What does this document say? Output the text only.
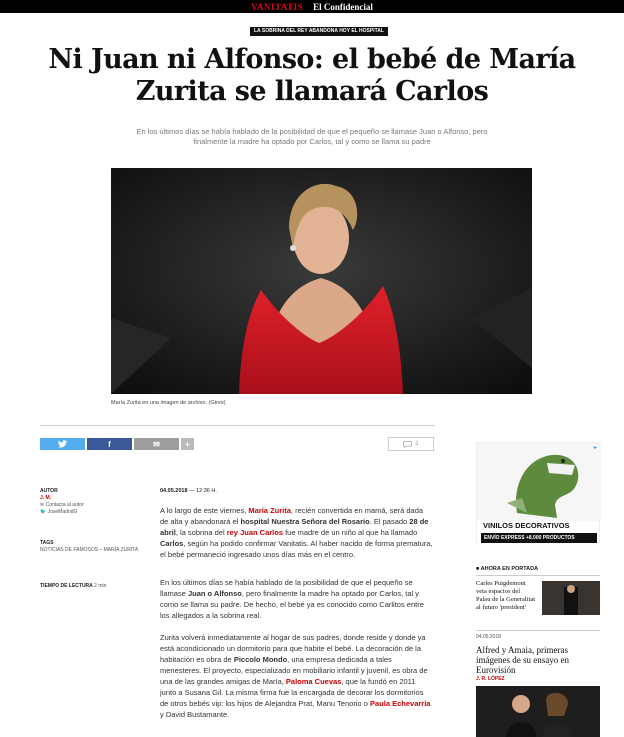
VANITATIS El Confidencial
LA SOBRINA DEL REY ABANDONA HOY EL HOSPITAL
Ni Juan ni Alfonso: el bebé de María Zurita se llamará Carlos

En los últimos días se había hablado de la posibilidad de que el pequeño se llamase Juan o Alfonso, pero finalmente la madre ha optado por Carlos, tal y como se llama su padre

María Zurita en una imagen de archivo. (Gtres)
f	✉	+	1
AUTOR
J. M.
✉ Contacta al autor
🐦 JoseMadridG
TAGS
NOTICIAS DE FAMOSOS – MARÍA ZURITA
TIEMPO DE LECTURA 2 min
04.05.2018 — 12:36 H.

A lo largo de este viernes, María Zurita, recién convertida en mamá, será dada de alta y abandonará el hospital Nuestra Señora del Rosario. El pasado 28 de abril, la sobrina del rey Juan Carlos fue madre de un niño al que ha llamado Carlos, según ha podido confirmar Vanitatis. Al haber nacido de forma prematura, el bebé permaneció ingresado unos días más en el centro.

En los últimos días se había hablado de la posibilidad de que el pequeño se llamase Juan o Alfonso, pero finalmente la madre ha optado por Carlos, tal y como se llama su padre. De hecho, el bebé ya es conocido como Carlitos entre los allegados a la sobrina real.

Zurita volverá inmediatamente al hogar de sus padres, donde reside y donde ya está acondicionado un dormitorio para que habite el bebé. La decoración de la habitación es obra de Piccolo Mondo, una empresa dedicada a tales menesteres. El proyecto, especializado en mobiliario infantil y juvenil, es obra de una de las grandes amigas de María, Paloma Cuevas, que la fundó en 2011 junto a Susana Gil. La misma firma fue la encargada de decorar los dormitorios de otros bebés vip: los hijos de Alejandra Prat, Manu Tenorio o Paula Echevarría y David Bustamante.

VINILOS DECORATIVOS
ENVÍO EXPRESS +8.000 PRODUCTOS
▸
■ AHORA EN PORTADA
Carles Puigdemont veta espacios del Palau de la Generalitat al futuro 'president'
04.05.2018
Alfred y Amaia, primeras imágenes de su ensayo en Eurovisión
J. R. LÓPEZ
